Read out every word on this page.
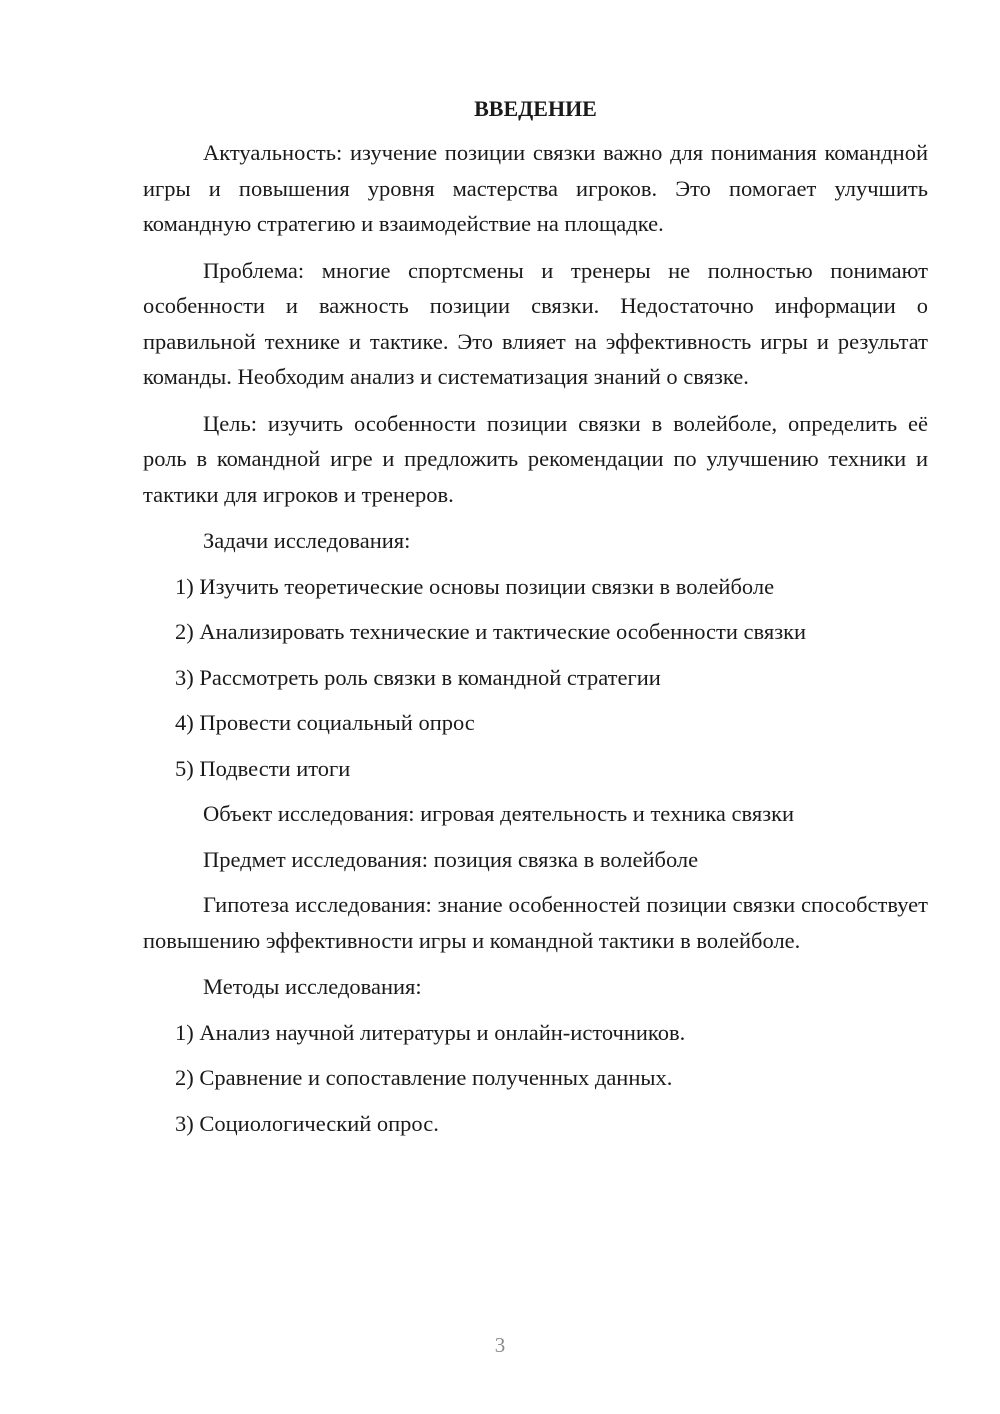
ВВЕДЕНИЕ

Актуальность: изучение позиции связки важно для понимания командной игры и повышения уровня мастерства игроков. Это помогает улучшить командную стратегию и взаимодействие на площадке.

Проблема: многие спортсмены и тренеры не полностью понимают особенности и важность позиции связки. Недостаточно информации о правильной технике и тактике. Это влияет на эффективность игры и результат команды. Необходим анализ и систематизация знаний о связке.

Цель: изучить особенности позиции связки в волейболе, определить её роль в командной игре и предложить рекомендации по улучшению техники и тактики для игроков и тренеров.

Задачи исследования:
1) Изучить теоретические основы позиции связки в волейболе
2) Анализировать технические и тактические особенности связки
3) Рассмотреть роль связки в командной стратегии
4) Провести социальный опрос
5) Подвести итоги
Объект исследования: игровая деятельность и техника связки
Предмет исследования: позиция связка в волейболе

Гипотеза исследования: знание особенностей позиции связки способствует повышению эффективности игры и командной тактики в волейболе.

Методы исследования:
1) Анализ научной литературы и онлайн-источников.
2) Сравнение и сопоставление полученных данных.
3) Социологический опрос.
3
